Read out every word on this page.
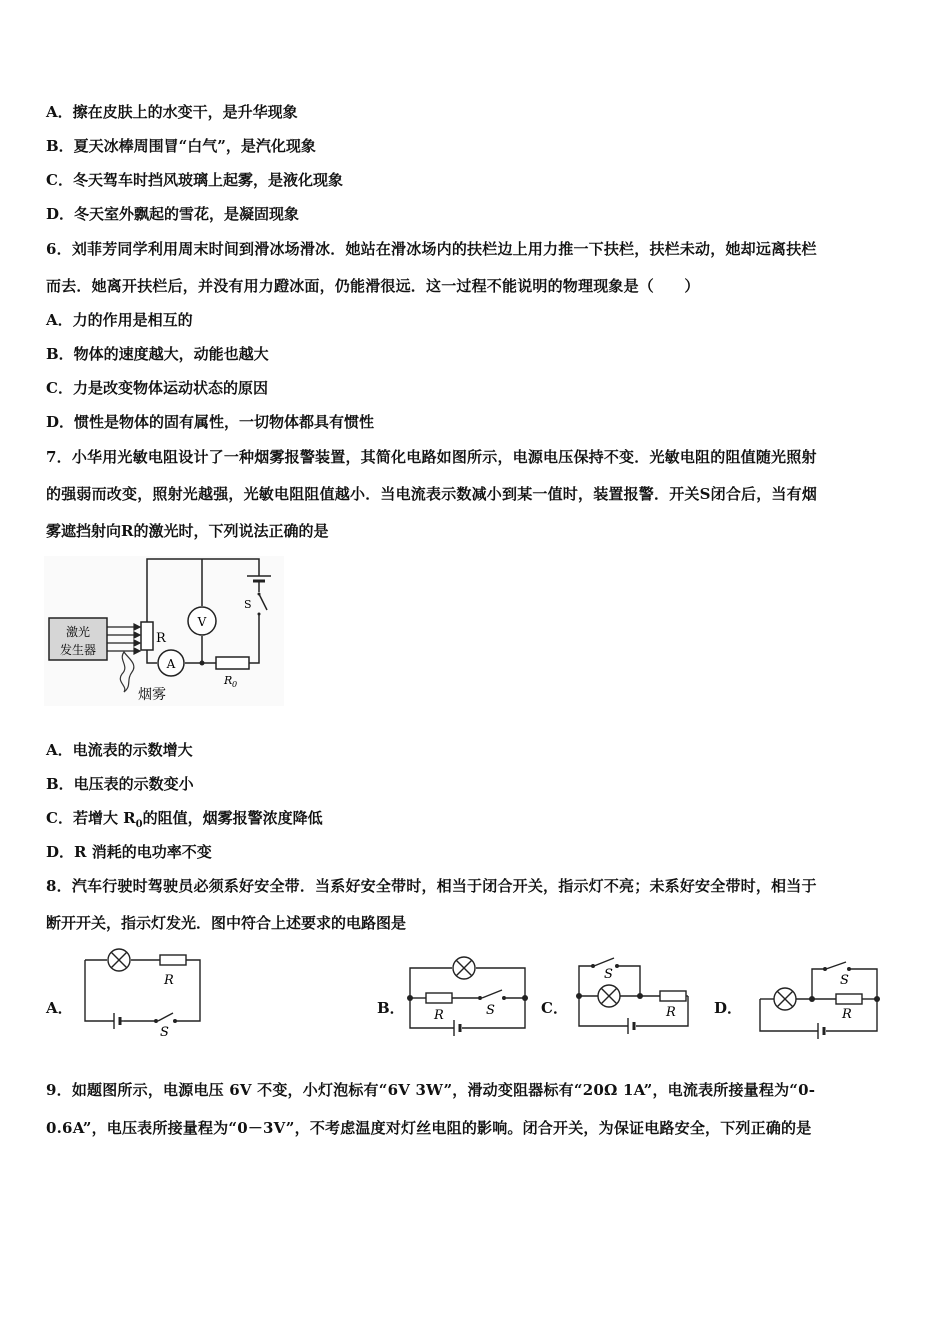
A．擦在皮肤上的水变干，是升华现象
B．夏天冰棒周围冒“白气”，是汽化现象
C．冬天驾车时挡风玻璃上起雾，是液化现象
D．冬天室外飘起的雪花，是凝固现象
6．刘菲芳同学利用周末时间到滑冰场滑冰．她站在滑冰场内的扶栏边上用力推一下扶栏，扶栏未动，她却远离扶栏
而去．她离开扶栏后，并没有用力蹬冰面，仍能滑很远．这一过程不能说明的物理现象是（　　）
A．力的作用是相互的
B．物体的速度越大，动能也越大
C．力是改变物体运动状态的原因
D．惯性是物体的固有属性，一切物体都具有惯性
7．小华用光敏电阻设计了一种烟雾报警装置，其简化电路如图所示，电源电压保持不变．光敏电阻的阻值随光照射
的强弱而改变，照射光越强，光敏电阻阻值越小．当电流表示数减小到某一值时，装置报警．开关S闭合后，当有烟
雾遮挡射向R的激光时，下列说法正确的是
激光
发生器
R
V
A
R 0
S
烟雾
A．电流表的示数增大
B．电压表的示数变小
C．若增大 $R_0$的阻值，烟雾报警浓度降低
D．R 消耗的电功率不变
8．汽车行驶时驾驶员必须系好安全带．当系好安全带时，相当于闭合开关，指示灯不亮；未系好安全带时，相当于
断开开关，指示灯发光．图中符合上述要求的电路图是
A．	B．	C．	D．
R
S
R	S
S
R
S
R
9．如题图所示，电源电压 6V 不变，小灯泡标有“6V 3W”，滑动变阻器标有“20Ω 1A”，电流表所接量程为“0-
0.6A”，电压表所接量程为“0－3V”，不考虑温度对灯丝电阻的影响。闭合开关，为保证电路安全，下列正确的是
